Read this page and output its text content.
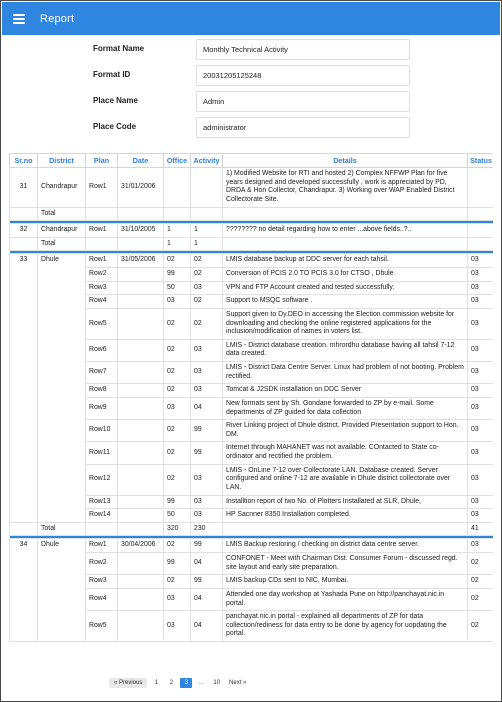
Report
Format Name	Monthly Technical Activity
Format ID	20031205125248
Place Name	Admin
Place Code	administrator
Sr.no	District	Plan	Date	Office	Activity	Details	Status
31	Chandrapur	Row1	31/01/2006			1) Modified Website for RTI and hosted 2) Complex NFFWP Plan for five years designed and developed successfully , work is appreciated by PD, DRDA & Hon Collector, Chandrapur. 3) Working over WAP Enabled District Collectorate Site.	
	Total						

32	Chandrapur	Row1	31/10/2005	1	1	???????? no detail regarding how to enter ...above fields..?..	
	Total			1	1		

33	Dhule	Row1	31/05/2006	02	02	LMIS database backup at DDC server for each tahsil.	03
		Row2		99	02	Conversion of PCIS 2.0 TO PCIS 3.0 for CTSO , Dhule	03
		Row3		50	03	VPN and FTP Account created and tested successfully.	03
		Row4		03	02	Support to MSQC software .	03
		Row5		02	02	Support given to Dy.DEO in accessing the Election commission website for downloading and checking the online registered applications for the inclusion/modification of names in voters list.	03
		Row6		02	03	LMIS - District database creation. mhrordhu database having all tahsil 7-12 data created.	03
		Row7		02	03	LMIS - District Data Centre Server. Linux had problem of not booting. Problem rectified.	03
		Row8		02	03	Tomcat & J2SDK installation on DDC Server	03
		Row9		03	04	New formats sent by Sh. Gondane forwarded to ZP by e-mail. Some departments of ZP guided for data collection	03
		Row10		02	99	River Linking project of Dhule district. Provided Presentation support to Hon. DM.	03
		Row11		02	99	Internet through MAHANET was not available. COntacted to State co-ordinator and rectified the problem.	03
		Row12		02	03	LMIS - OnLine 7-12 over Collectorate LAN. Database created. Server configured and online 7-12 are available in Dhule district collectorate over LAN.	03
		Row13		99	03	Installtion report of two No. of Plotters Installated at SLR, Dhule,	03
		Row14		50	03	HP Sacnner 8350 Installation completed.	03
	Total			320	230		41

34	Dhule	Row1	30/04/2006	02	99	LMIS Backup restoring / checking on district data centre server.	03
		Row2		99	04	CONFONET - Meet with Chairman Dist. Consumer Forum - discussed regd. site layout and early site preparation.	02
		Row3		02	99	LMIS backup CDs sent to NIC, Mumbai.	02
		Row4		03	04	Attended one day workshop at Yashada Pune on http://panchayat.nic.in portal.	02
		Row5		03	04	panchayat.nic.in portal - explained all departments of ZP for data collection/rediness for data entry to be done by agency for uopdating the portal.	02
« Previous	1	2	3	...	10	Next »
